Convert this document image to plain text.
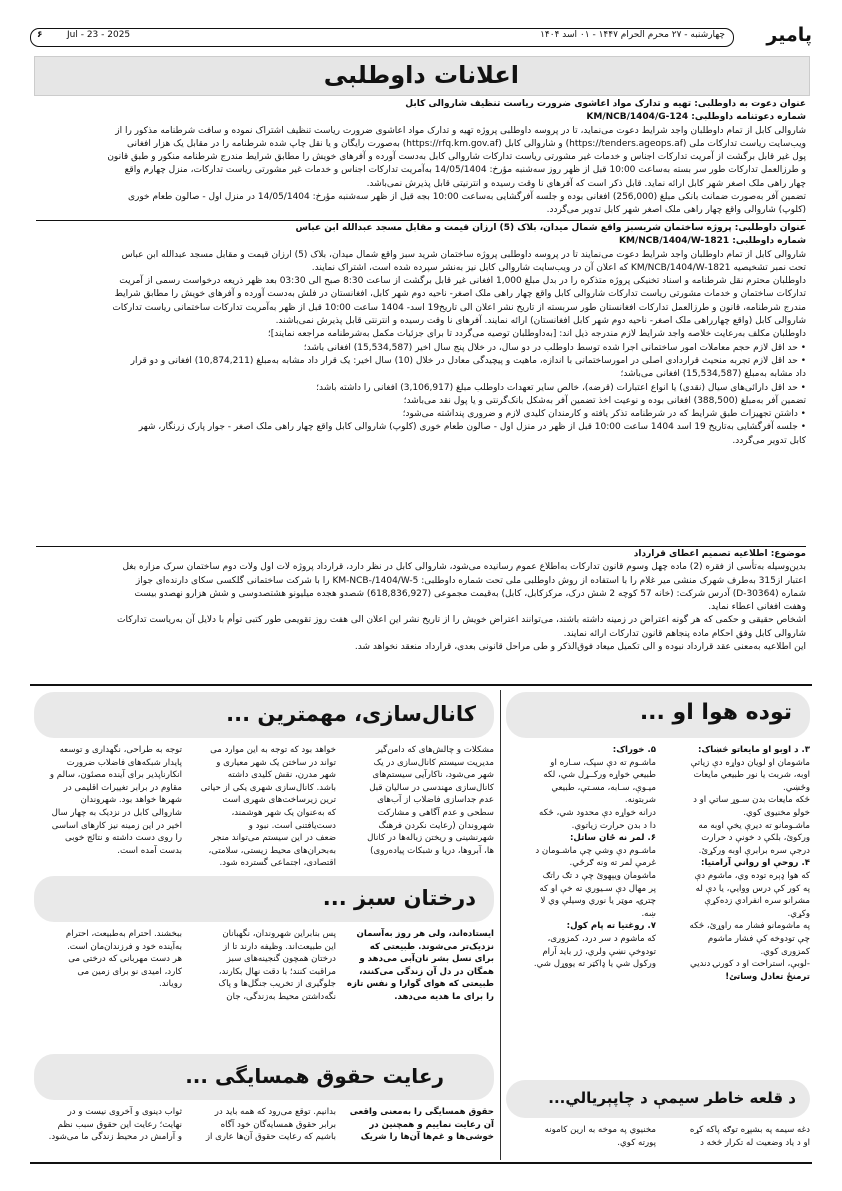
پامیر
۶	Jul - 23 - 2025	چهارشنبه - ۲۷ محرم الحرام ۱۴۴۷ - ۰۱ اسد ۱۴۰۴
اعلانات داوطلبی
عنوان دعوت به داوطلبی: تهیه و تدارک مواد اعاشوی ضرورت ریاست تنظیف شاروالی کابل
شماره دعوتنامه داوطلبی: KM/NCB/1404/G-124
شاروالی کابل از تمام داوطلبان واجد شرایط دعوت می‌نماید، تا در پروسه داوطلبی پروژه تهیه و تدارک مواد اعاشوی ضرورت ریاست تنظیف اشتراک نموده و سافت شرطنامه مذکور را از
ویب‌سایت ریاست تدارکات ملی (https://tenders.ageops.af) و شاروالی کابل (https://rfq.km.gov.af) به‌صورت رایگان و یا نقل چاپ شده شرطنامه را در مقابل یک هزار افغانی
پول غیر قابل برگشت از آمریت تدارکات اجناس و خدمات غیر مشورتی ریاست تدارکات شاروالی کابل به‌دست آورده و آفرهای خویش را مطابق شرایط مندرج شرطنامه منکور و طبق قانون
و طرزالعمل تدارکات طور سر بسته به‌ساعت 10:00 قبل از ظهر روز سه‌شنبه مؤرخ: 14/05/1404 به‌آمریت تدارکات اجناس و خدمات غیر مشورتی ریاست تدارکات، منزل چهارم واقع
چهار راهی ملک اصغر شهر کابل ارائه نماید. قابل ذکر است که آفرهای نا وقت رسیده و انترنیتی قابل پذیرش نمی‌باشد.
تضمین آفر به‌صورت ضمانت بانکی مبلغ (256,000) افغانی بوده و جلسه آفرگشایی به‌ساعت 10:00 بجه قبل از ظهر سه‌شنبه مؤرخ: 14/05/1404 در منزل اول - صالون طعام خوری
(کلوپ) شاروالی واقع چهار راهی ملک اصغر شهر کابل تدویر می‌گردد.
عنوان داوطلبی: پروژه ساختمان شریسبز واقع شمال میدان، بلاک (5) ارزان قیمت و مقابل مسجد عبدالله ابن عباس
شماره داوطلبی: KM/NCB/1404/W-1821
شاروالی کابل از تمام داوطلبان واجد شرایط دعوت می‌نمایند تا در پروسه داوطلبی پروژه ساختمان شرید سبز واقع شمال میدان، بلاک (5) ارزان قیمت و مقابل مسجد عبدالله ابن عباس
تحت نمبر تشخیصیه KM/NCB/1404/W-1821 که اعلان آن در ویب‌سایت شاروالی کابل نیز به‌نشر سپرده شده است، اشتراک نمایند.
داوطلبان محترم نقل شرطنامه و اسناد تخنیکی پروژه متذکره را در بدل مبلغ 1,000 افغانی غیر قابل برگشت از ساعت 8:30 صبح الی 03:30 بعد ظهر ذریعه درخواست رسمی از آمریت
تدارکات ساختمان و خدمات مشورتی ریاست تدارکات شاروالی کابل واقع چهار راهی ملک اصغر- ناحیه دوم شهر کابل، افغانستان در فلش به‌دست آورده و آفرهای خویش را مطابق شرایط
مندرج شرطنامه، قانون و طرزالعمل تدارکات افغانستان طور سربسته از تاریخ نشر اعلان الی تاریخ19 اسد- 1404 ساعت 10:00 قبل از ظهر به‌آمریت تدارکات ساختمانی ریاست تدارکات
شاروالی کابل (واقع چهارراهی ملک اصغر- ناحیه دوم شهر کابل افغانستان) ارائه نمایند. آفرهای نا وقت رسیده و انترنتی قابل پذیرش نمی‌باشند.
داوطلبان مکلف به‌رعایت خلاصه واجد شرایط لازم مندرجه ذیل اند: [به‌داوطلبان توصیه می‌گردد تا برای جزئیات مکمل به‌شرطنامه مراجعه نمایند]؛
• حد اقل لازم حجم معاملات امور ساختمانی اجرا شده توسط داوطلب در دو سال، در خلال پنج سال اخیر (15,534,587) افغانی باشد؛
• حد اقل لازم تجربه منحیث قراردادی اصلی در امورساختمانی با اندازه، ماهیت و پیچیدگی معادل در خلال (10) سال اخیر: یک قرار داد مشابه به‌مبلغ (10,874,211) افغانی و دو قرار
داد مشابه به‌مبلغ (15,534,587) افغانی می‌باشد؛
• حد اقل دارائی‌های سیال (نقدی) یا انواع اعتبارات (قرضه)، خالص سایر تعهدات داوطلب مبلغ (3,106,917) افغانی را داشته باشد؛
تضمین آفر به‌مبلغ (388,500) افغانی بوده و نوعیت اخذ تضمین آفر به‌شکل بانک‌گرنتی و یا پول نقد می‌باشد؛
• داشتن تجهیزات طبق شرایط که در شرطنامه تذکر یافته و کارمندان کلیدی لازم و ضروری پنداشته می‌شود؛
• جلسه آفرگشایی به‌تاریخ 19 اسد 1404 ساعت 10:00 قبل از ظهر در منزل اول - صالون طعام خوری (کلوپ) شاروالی کابل واقع چهار راهی ملک اصغر - جوار پارک زرنگار، شهر
کابل تدویر می‌گردد.
موضوع: اطلاعیه تصمیم اعطای قرارداد
بدین‌وسیله به‌تأسی از فقره (2) ماده چهل وسوم قانون تدارکات به‌اطلاع عموم رسانیده می‌شود، شاروالی کابل در نظر دارد، قرارداد پروژه لات اول ولات دوم ساختمان سرک مزاره بغل
اعتبار از315 به‌طرف شهرک منشی میر غلام را با استفاده از روش داوطلبی ملی تحت شماره داوطلبی: KM-NCB-/1404/W-5 را با شرکت ساختمانی گلکسی سکای دارنده‌ای جواز
شماره (30364-D) آدرس شرکت: (خانه 57 کوچه 2 شش درک، مرکزکابل، کابل) به‌قیمت مجموعی (618,836,927) شصدو هجده میلیونو هشتصدوسی و شش هزارو نهصدو بیست
وهفت افغانی اعطاء نماید.
اشخاص حقیقی و حکمی که هر گونه اعتراض در زمینه داشته باشند، می‌توانند اعتراض خویش را از تاریخ نشر این اعلان الی هفت روز تقویمی طور کتبی توأم با دلایل آن به‌ریاست تدارکات
شاروالی کابل وفق احکام ماده پنجاهم قانون تدارکات ارائه نمایند.
این اطلاعیه به‌معنی عقد قرارداد نبوده و الی تکمیل میعاد فوق‌الذکر و طی مراحل قانونی بعدی، قرارداد منعقد نخواهد شد.
کانال‌سازی، مهمترین ...
مشکلات و چالش‌های که دامن‌گیر
مدیریت سیستم کانال‌سازی در یک
شهر می‌شود، ناکارآیی سیستم‌های
کانال‌سازی مهندسی در سالیان قبل
عدم جداسازی فاضلاب از آب‌های
سطحی و عدم آگاهی و مشارکت
شهروندان (رعایت نکردن فرهنگ
شهرنشینی و ریختن زباله‌ها در کانال
ها، آبروها، دریا و شبکات پیاده‌روی)
خواهد بود که توجه به این موارد می
تواند در ساختن یک شهر معیاری و
شهر مدرن، نقش کلیدی داشته
باشد. کانال‌سازی شهری یکی از حیاتی
ترین زیرساخت‌های شهری است
که به‌عنوان یک شهر هوشمند،
دست‌یافتنی است. نبود و
ضعف در این سیستم می‌تواند منجر
به‌بحران‌های محیط زیستی، سلامتی،
اقتصادی، اجتماعی گسترده شود.
توجه به طراحی، نگهداری و توسعه
پایدار شبکه‌های فاضلاب ضرورت
انکارناپذیر برای آینده مصئون، سالم و
مقاوم در برابر تغییرات اقلیمی در
شهرها خواهد بود. شهروندان
شاروالی کابل در نزدیک به چهار سال
اخیر در این زمینه نیز کارهای اساسی
را روی دست داشته و نتائج خوبی
بدست آمده است.
درختان سبز ...
ایستاده‌اند، ولی هر روز به‌آسمان
نزدیک‌تر می‌شوند. طبیعتی که
برای نسل بشر نان‌آبی می‌دهد و
همگان در دل آن زندگی می‌کنند،
طبیعتی که هوای گوارا و نفس تازه
را برای ما هدیه می‌دهد.
پس بنابراین شهروندان، نگهبانان
این طبیعت‌اند. وظیفه دارند تا از
درختان همچون گنجینه‌های سبز
مراقبت کنند؛ با دقت نهال بکارند،
جلوگیری از تخریب جنگل‌ها و پاک
نگه‌داشتن محیط به‌زندگی، جان
ببخشند. احترام به‌طبیعت، احترام
به‌آینده خود و فرزندان‌مان است.
هر دست مهربانی که درختی می
کارد، امیدی نو برای زمین می
رویاند.
رعایت حقوق همسایگی ...
حقوق همسایگی را به‌معنی واقعی
آن رعایت نماییم و همچنین در
خوشی‌ها و غم‌ها آن‌ها را شریک
بدانیم. توقع می‌رود که همه باید در
برابر حقوق همسایه‌گان خود آگاه
باشیم که رعایت حقوق آن‌ها عاری از
ثواب دینوی و آخروی نیست و در
نهایت؛ رعایت این حقوق سبب نظم
و آرامش در محیط زندگی ما می‌شود.
توده هوا او ...
۳. د اوبو او مایعاتو څښاک:
ماشومان او لویان دواړه دې زیاتې
اوبه، شربت یا نور طبیعي مایعات
وڅښي.
څکه مایعات بدن سـوړ ساتي او د
خولو مخنیوی کوي.
ماشـومانو ته دیرې یخې اوبه مه
ورکوئ، بلکې د خونې د حرارت
درجې سره برابرې اوبه ورکړئ.
۴. روحې او رواني آرامتیا:
که هوا ډېره توده وي، ماشوم دې
په کور کې درس ووایي، یا دې له
مشرانو سره انفرادي زده‌کړې
وکړي.
په ماشومانو فشار مه راوړئ، څکه
چې تودوخه کې فشار ماشوم
کمزوری کوي.
-لوبې، استراحت او د کورنۍ دنديي
ترمنځ تعادل وساتئ!
۵. خوراک:
ماشـوم ته دې سپک، سـاره او
طبيعي خواړه ورکــړل شي، لکه
میـوې، سـابه، مسـتې، طبيعي
شربتونه.
درانه خواړه دې محدود شي، څکه
دا د بدن حرارت زیاتوي.
۶. لمر نه ځان ساتل:
ماشـوم دې وشي چې ماشـومان د
غرمې لمر ته ونه ګرځي.
ماشومان ويېهوئ چې د تګ راتګ
پر مهال دې سـیوري ته خې او که
چترۍ، موټر یا نوري وسيلې وي لا
ښه.
۷. روغتیا ته پام کول:
که ماشوم د سر درد، کمزوری،
تودوخې نښې ولري، ژر باید آرام
ورکول شي یا ډاکټر ته یووړل شي.
د قلعه خاطر سیمې د چاپېریالي...
دغه سیمه په بشپړه توګه پاکه کړه
او د ياد وضعيت له تکرار څخه د
مخنیوي په موخه به ارین کامونه
پورته کوي.
